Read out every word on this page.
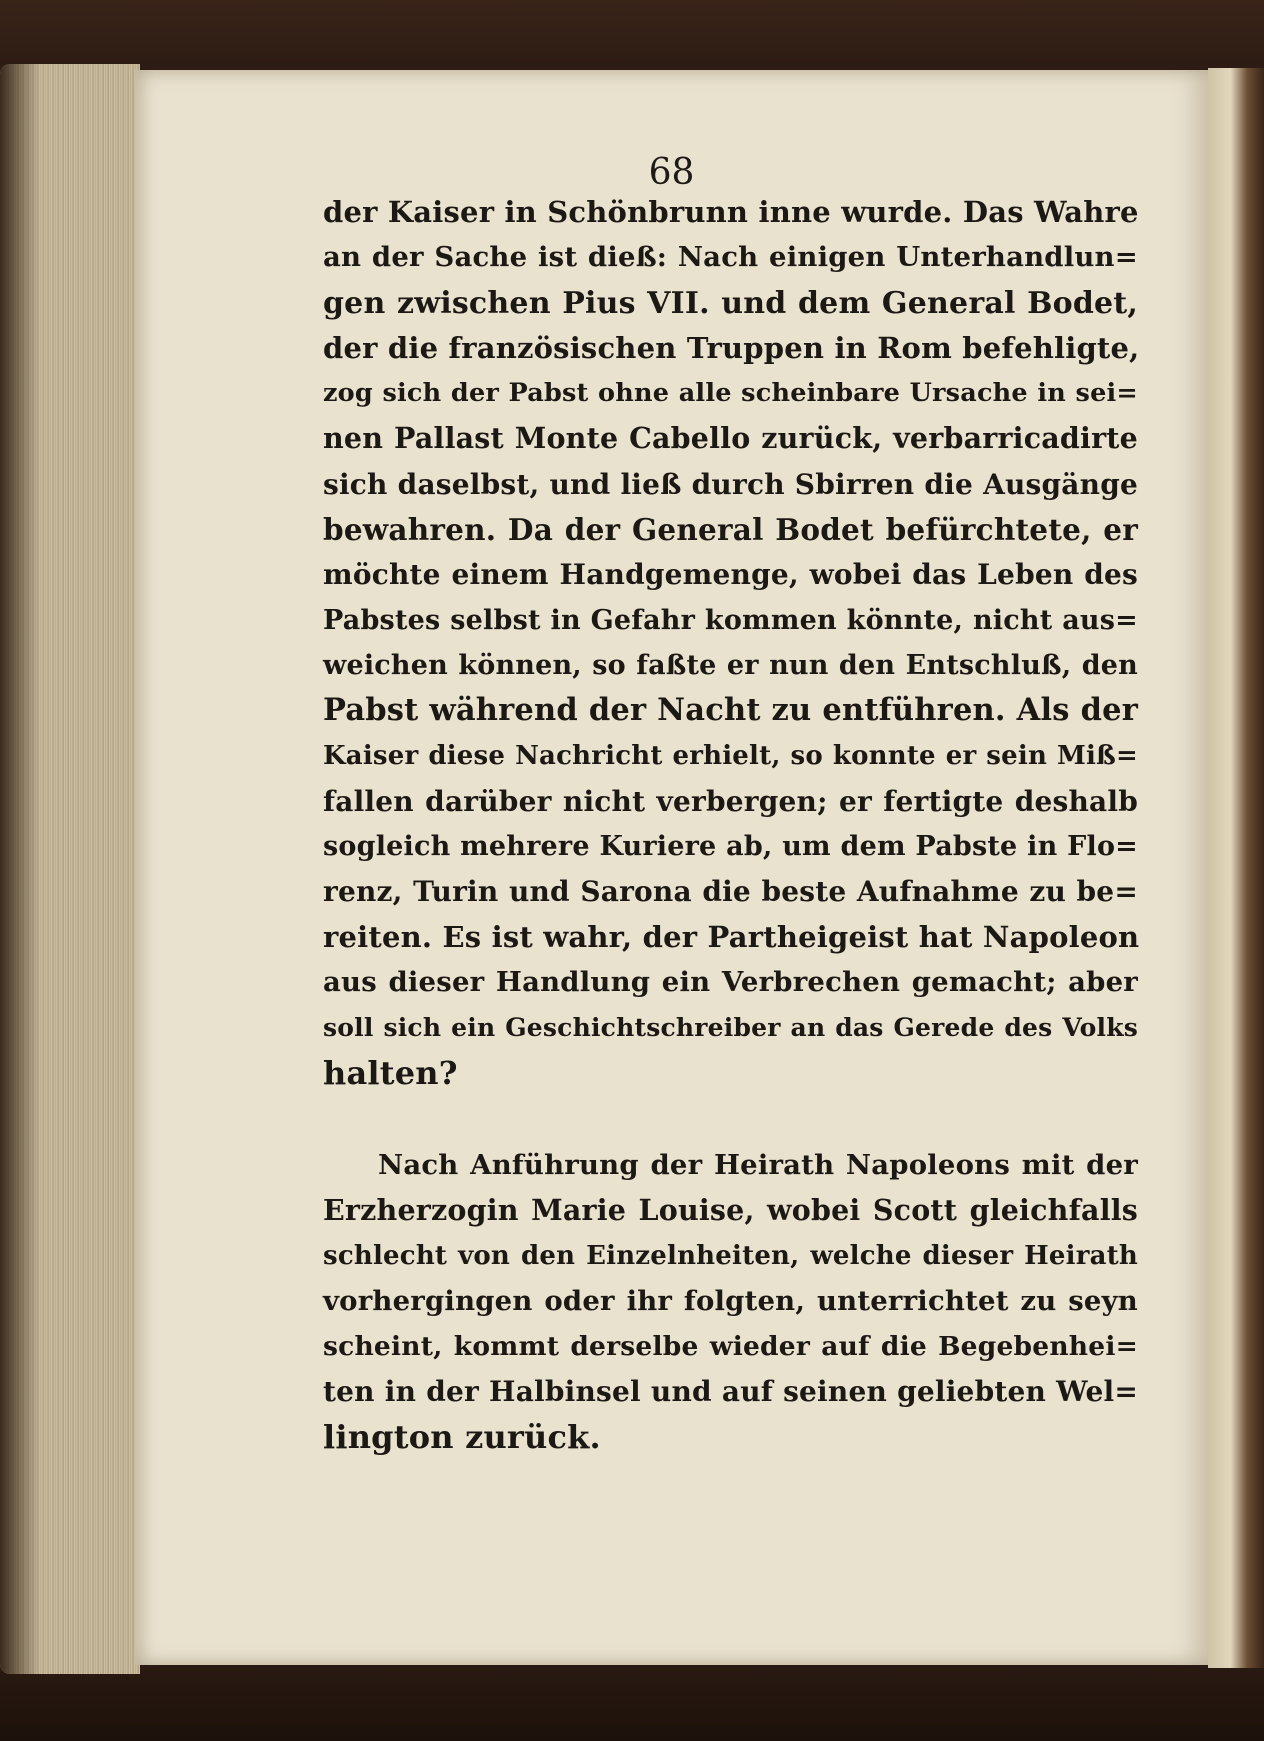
68
der Kaiser in Schönbrunn inne wurde. Das Wahre
an der Sache ist dieß: Nach einigen Unterhandlun=
gen zwischen Pius VII. und dem General Bodet,
der die französischen Truppen in Rom befehligte,
zog sich der Pabst ohne alle scheinbare Ursache in sei=
nen Pallast Monte Cabello zurück, verbarricadirte
sich daselbst, und ließ durch Sbirren die Ausgänge
bewahren. Da der General Bodet befürchtete, er
möchte einem Handgemenge, wobei das Leben des
Pabstes selbst in Gefahr kommen könnte, nicht aus=
weichen können, so faßte er nun den Entschluß, den
Pabst während der Nacht zu entführen. Als der
Kaiser diese Nachricht erhielt, so konnte er sein Miß=
fallen darüber nicht verbergen; er fertigte deshalb
sogleich mehrere Kuriere ab, um dem Pabste in Flo=
renz, Turin und Sarona die beste Aufnahme zu be=
reiten. Es ist wahr, der Partheigeist hat Napoleon
aus dieser Handlung ein Verbrechen gemacht; aber
soll sich ein Geschichtschreiber an das Gerede des Volks
halten?
Nach Anführung der Heirath Napoleons mit der
Erzherzogin Marie Louise, wobei Scott gleichfalls
schlecht von den Einzelnheiten, welche dieser Heirath
vorhergingen oder ihr folgten, unterrichtet zu seyn
scheint, kommt derselbe wieder auf die Begebenhei=
ten in der Halbinsel und auf seinen geliebten Wel=
lington zurück.
